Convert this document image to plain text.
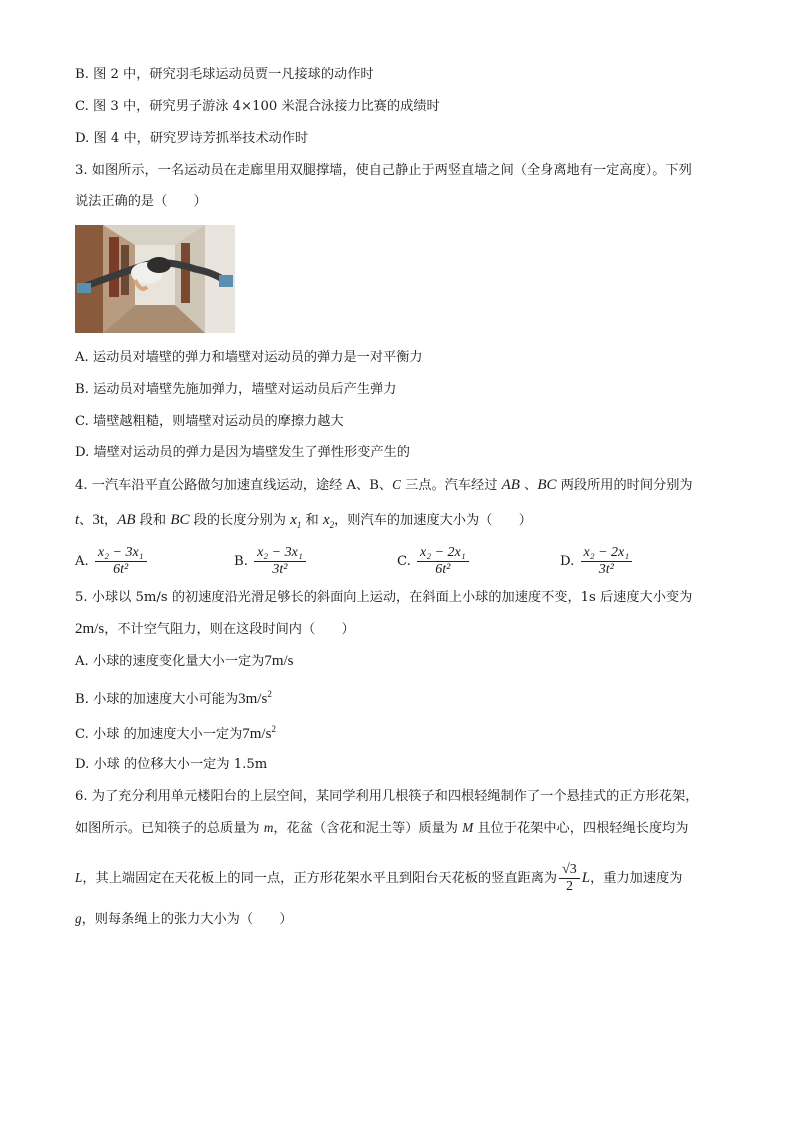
B. 图 2 中，研究羽毛球运动员贾一凡接球的动作时
C. 图 3 中，研究男子游泳 4×100 米混合泳接力比赛的成绩时
D. 图 4 中，研究罗诗芳抓举技术动作时
3. 如图所示，一名运动员在走廊里用双腿撑墙，使自己静止于两竖直墙之间（全身离地有一定高度）。下列
说法正确的是（　　）
A. 运动员对墙壁的弹力和墙壁对运动员的弹力是一对平衡力
B. 运动员对墙壁先施加弹力，墙壁对运动员后产生弹力
C. 墙壁越粗糙，则墙壁对运动员的摩擦力越大
D. 墙壁对运动员的弹力是因为墙壁发生了弹性形变产生的
4. 一汽车沿平直公路做匀加速直线运动，途经 A、B、C 三点。汽车经过 AB 、BC 两段所用的时间分别为
t、3t，AB 段和 BC 段的长度分别为 $x_1$ 和 $x_2$，则汽车的加速度大小为（　　）
A. $\frac{\text{x₂ − 3x₁}}{\text{6t²}}$	B. $\frac{\text{x₂ − 3x₁}}{\text{3t²}}$	C. $\frac{\text{x₂ − 2x₁}}{\text{6t²}}$	D. $\frac{\text{x₂ − 2x₁}}{\text{3t²}}$
5. 小球以 5m/s 的初速度沿光滑足够长的斜面向上运动，在斜面上小球的加速度不变，1s 后速度大小变为
2m/s，不计空气阻力，则在这段时间内（　　）
A. 小球的速度变化量大小一定为7m/s
B. 小球的加速度大小可能为$3m/s^2$
C. 小球 的加速度大小一定为$7m/s^2$
D. 小球 的位移大小一定为 1.5m
6. 为了充分利用单元楼阳台的上层空间，某同学利用几根筷子和四根轻绳制作了一个悬挂式的正方形花架，
如图所示。已知筷子的总质量为 m，花盆（含花和泥土等）质量为 M 且位于花架中心，四根轻绳长度均为
L，其上端固定在天花板上的同一点，正方形花架水平且到阳台天花板的竖直距离为 $\frac{√3}{2}$ L，重力加速度为
g，则每条绳上的张力大小为（　　）
